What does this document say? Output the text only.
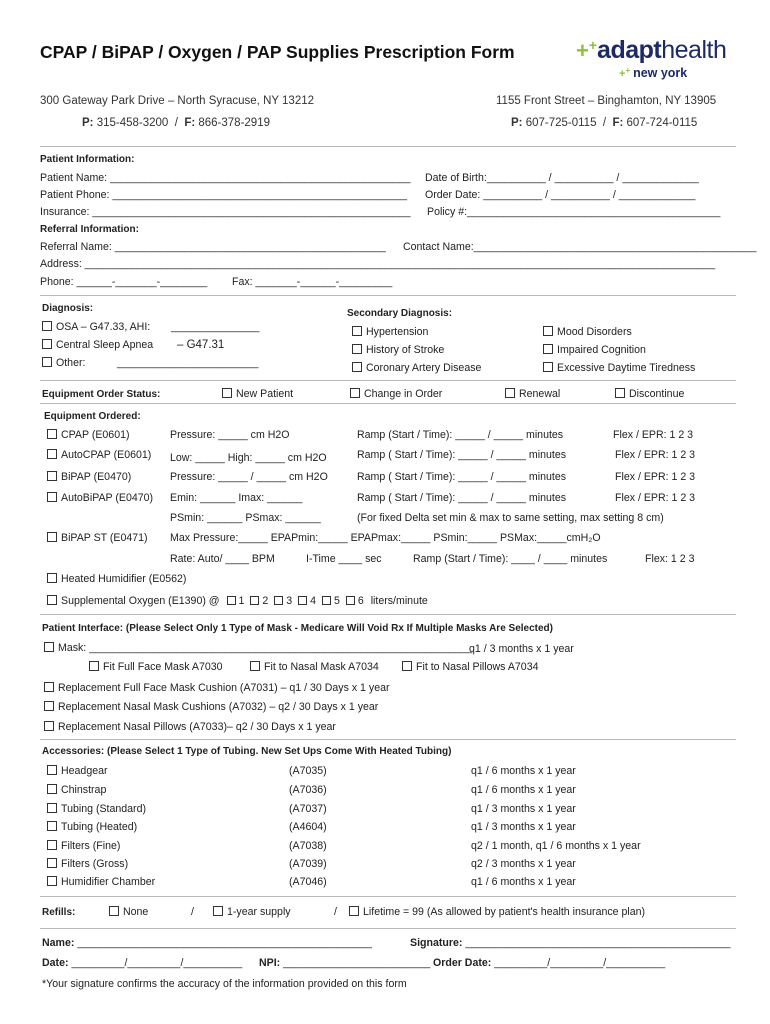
CPAP / BiPAP / Oxygen / PAP Supplies Prescription Form	++adapthealth
++ new york
300 Gateway Park Drive – North Syracuse, NY 13212
P: 315-458-3200 / F: 866-378-2919
1155 Front Street – Binghamton, NY 13905
P: 607-725-0115 / F: 607-724-0115
Patient Information:
Patient Name: ___________________________________________________ Date of Birth:__________ / __________ / _____________
Patient Phone: __________________________________________________ Order Date: __________ / __________ / _____________
Insurance: ______________________________________________________ Policy #:___________________________________________
Referral Information:
Referral Name: ______________________________________________ Contact Name:________________________________________________
Address: ___________________________________________________________________________________________________________
Phone: ______-_______-________ Fax: _______-______-_________
Diagnosis:
OSA – G47.33, AHI: _______________
Central Sleep Apnea – G47.31
Other:	________________________
Secondary Diagnosis:
Hypertension
History of Stroke
Coronary Artery Disease
Mood Disorders
Impaired Cognition
Excessive Daytime Tiredness
Equipment Order Status:	New Patient	Change in Order	Renewal	Discontinue
Equipment Ordered:
CPAP (E0601)	Pressure: _____ cm H2O	Ramp (Start / Time): _____ / _____ minutes	Flex / EPR: 1 2 3
AutoCPAP (E0601) Low: _____ High: _____ cm H2O	Ramp ( Start / Time): _____ / _____ minutes	Flex / EPR: 1 2 3
BiPAP (E0470)	Pressure: _____ / _____ cm H2O	Ramp ( Start / Time): _____ / _____ minutes	Flex / EPR: 1 2 3
AutoBiPAP (E0470) Emin: ______ Imax: ______	Ramp ( Start / Time): _____ / _____ minutes	Flex / EPR: 1 2 3
PSmin: ______ PSmax: ______	(For fixed Delta set min & max to same setting, max setting 8 cm)
BiPAP ST (E0471) Max Pressure:_____ EPAPmin:_____ EPAPmax:_____ PSmin:_____ PSMax:_____cmH₂O
Rate: Auto/ ____ BPM	I-Time ____ sec	Ramp (Start / Time): ____ / ____ minutes	Flex: 1 2 3
Heated Humidifier (E0562)
Supplemental Oxygen (E1390) @ 1 2 3 4 5 6 liters/minute
Patient Interface: (Please Select Only 1 Type of Mask - Medicare Will Void Rx If Multiple Masks Are Selected)
Mask: _________________________________________________________________
q1 / 3 months x 1 year
Fit Full Face Mask A7030	Fit to Nasal Mask A7034	Fit to Nasal Pillows A7034
Replacement Full Face Mask Cushion (A7031) – q1 / 30 Days x 1 year
Replacement Nasal Mask Cushions (A7032) – q2 / 30 Days x 1 year
Replacement Nasal Pillows (A7033)– q2 / 30 Days x 1 year
Accessories: (Please Select 1 Type of Tubing. New Set Ups Come With Heated Tubing)
Headgear	(A7035)	q1 / 6 months x 1 year
Chinstrap	(A7036)	q1 / 6 months x 1 year
Tubing (Standard)	(A7037)	q1 / 3 months x 1 year
Tubing (Heated)	(A4604)	q1 / 3 months x 1 year
Filters (Fine)	(A7038)	q2 / 1 month, q1 / 6 months x 1 year
Filters (Gross)	(A7039)	q2 / 3 months x 1 year
Humidifier Chamber	(A7046)	q1 / 6 months x 1 year
Refills:	None	/	1-year supply	/	Lifetime = 99 (As allowed by patient's health insurance plan)
Name: __________________________________________________	Signature: _____________________________________________
Date: _________/_________/__________ NPI: _________________________ Order Date: _________/_________/__________
*Your signature confirms the accuracy of the information provided on this form
